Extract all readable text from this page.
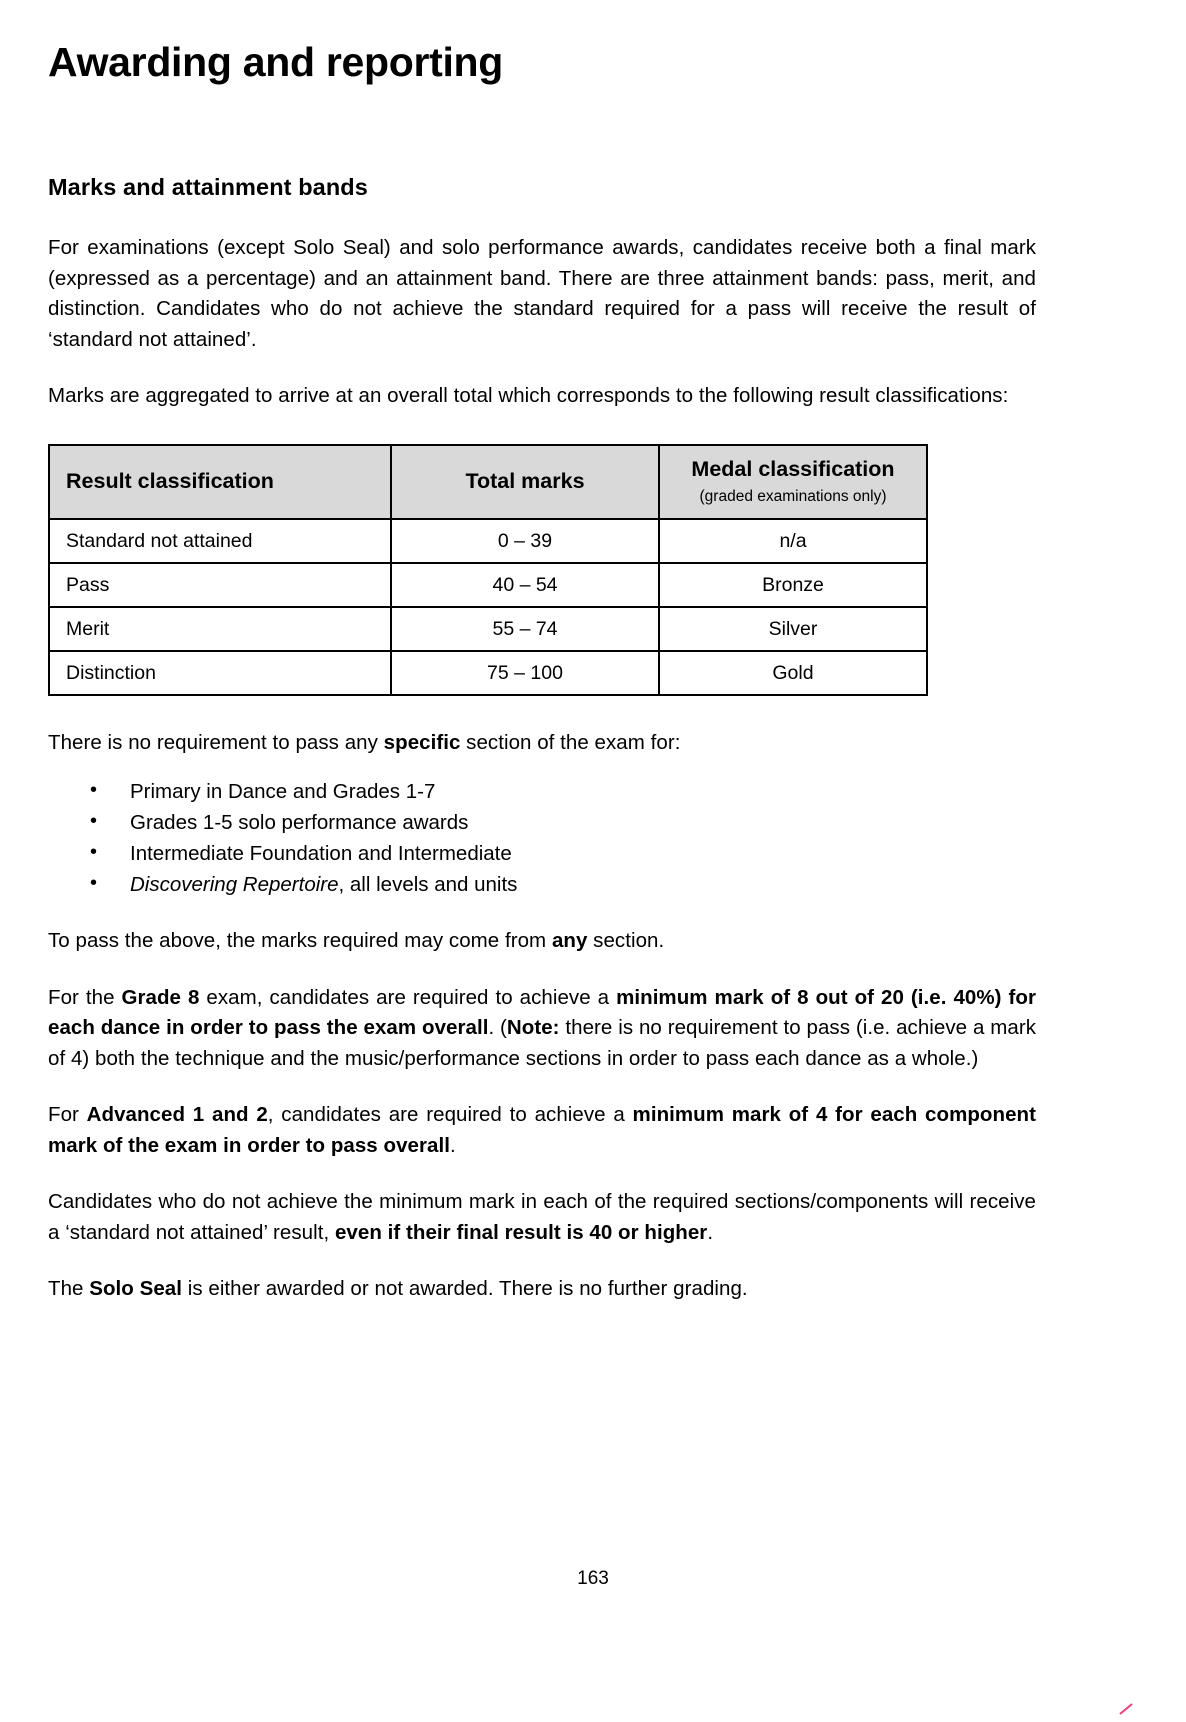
Awarding and reporting
Marks and attainment bands

For examinations (except Solo Seal) and solo performance awards, candidates receive both a final mark (expressed as a percentage) and an attainment band. There are three attainment bands: pass, merit, and distinction. Candidates who do not achieve the standard required for a pass will receive the result of ‘standard not attained’.

Marks are aggregated to arrive at an overall total which corresponds to the following result classifications:

Result classification	Total marks	Medal classification
(graded examinations only)

Standard not attained	0 – 39	n/a
Pass	40 – 54	Bronze
Merit	55 – 74	Silver
Distinction	75 – 100	Gold

There is no requirement to pass any specific section of the exam for:

• Primary in Dance and Grades 1-7
• Grades 1-5 solo performance awards
• Intermediate Foundation and Intermediate
• Discovering Repertoire, all levels and units

To pass the above, the marks required may come from any section.

For the Grade 8 exam, candidates are required to achieve a minimum mark of 8 out of 20 (i.e. 40%) for each dance in order to pass the exam overall. (Note: there is no requirement to pass (i.e. achieve a mark of 4) both the technique and the music/performance sections in order to pass each dance as a whole.)

For Advanced 1 and 2, candidates are required to achieve a minimum mark of 4 for each component mark of the exam in order to pass overall.

Candidates who do not achieve the minimum mark in each of the required sections/components will receive a ‘standard not attained’ result, even if their final result is 40 or higher.

The Solo Seal is either awarded or not awarded. There is no further grading.

163
